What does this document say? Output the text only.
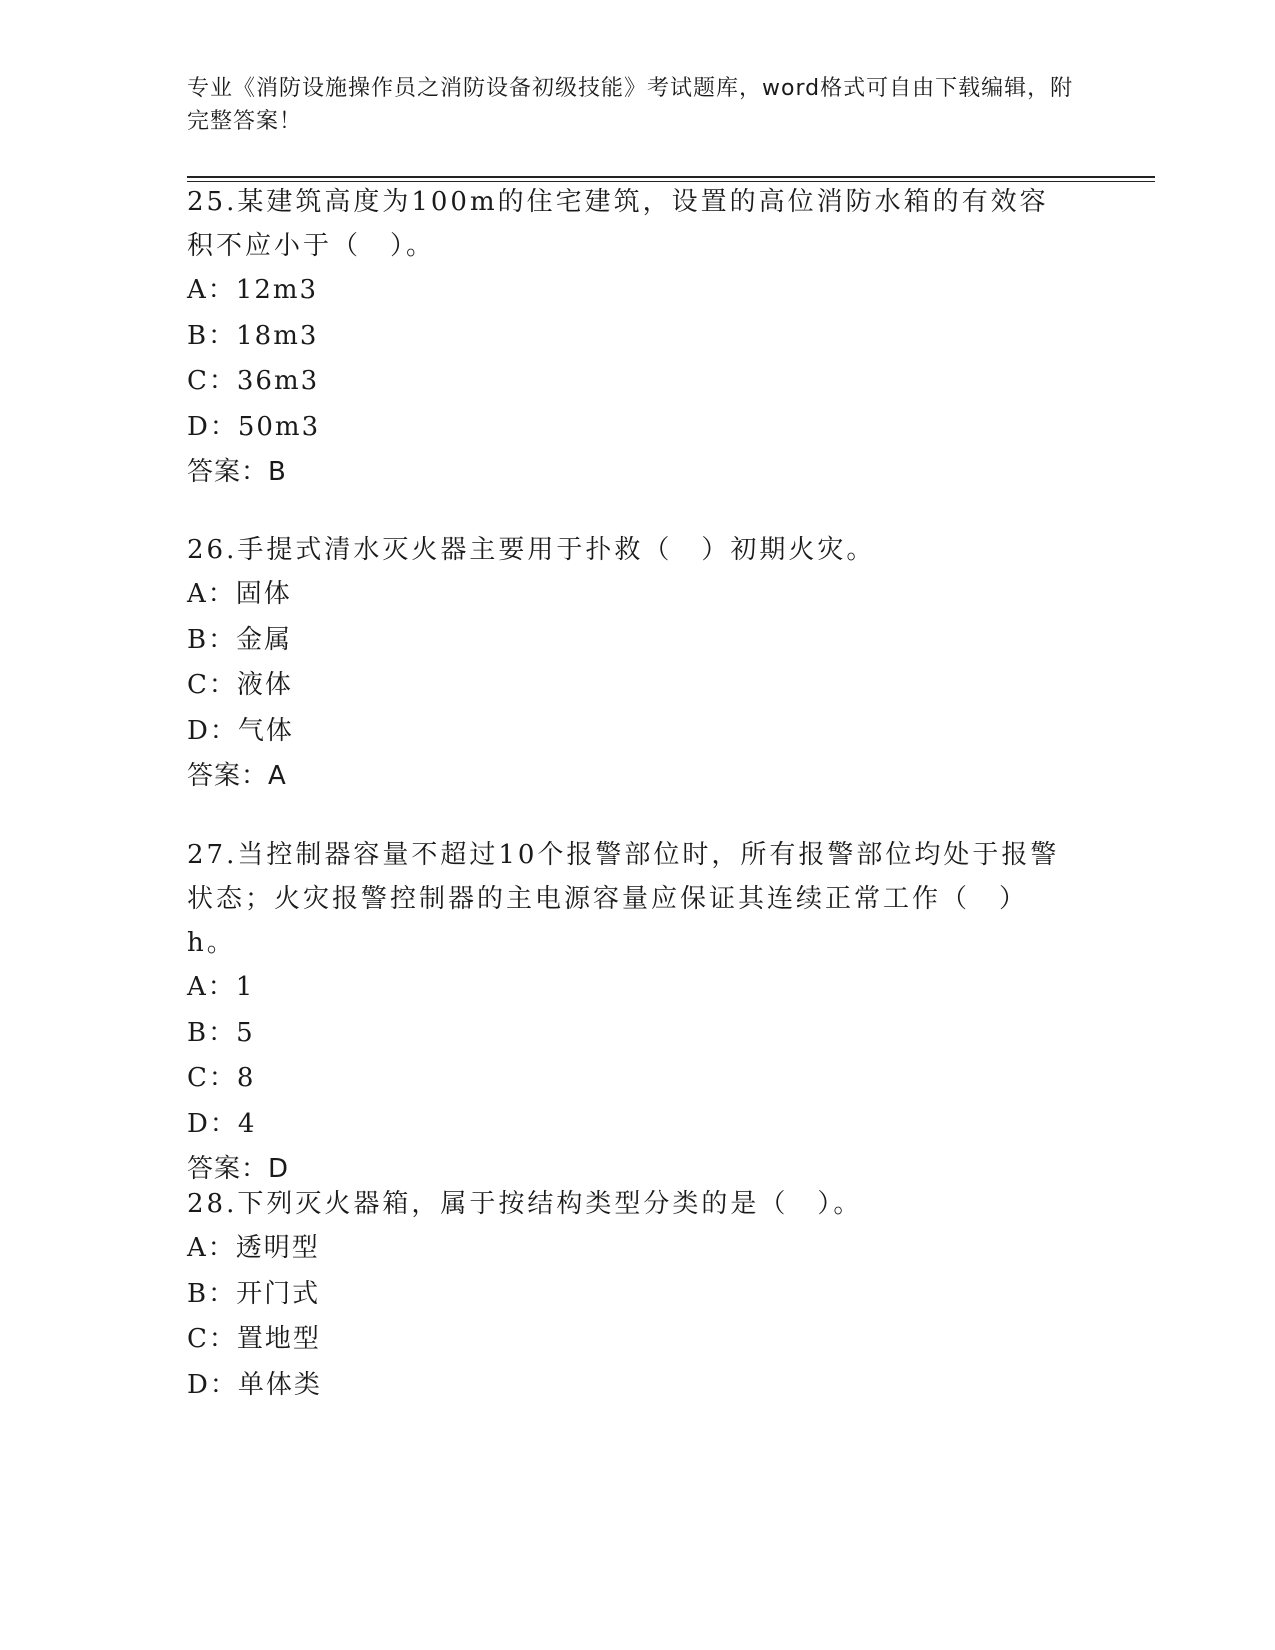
专业《消防设施操作员之消防设备初级技能》考试题库，word格式可自由下载编辑，附完整答案！
25.某建筑高度为100m的住宅建筑，设置的高位消防水箱的有效容积不应小于（　）。
A：12m3
B：18m3
C：36m3
D：50m3
答案：B
26.手提式清水灭火器主要用于扑救（　）初期火灾。
A：固体
B：金属
C：液体
D：气体
答案：A
27.当控制器容量不超过10个报警部位时，所有报警部位均处于报警状态；火灾报警控制器的主电源容量应保证其连续正常工作（　）h。
A：1
B：5
C：8
D：4
答案：D
28.下列灭火器箱，属于按结构类型分类的是（　）。
A：透明型
B：开门式
C：置地型
D：单体类
